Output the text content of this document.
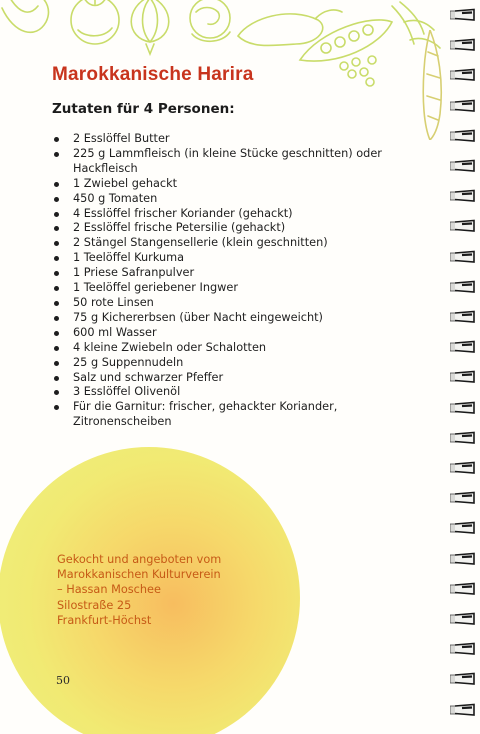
Marokkanische Harira
Zutaten für 4 Personen:
2 Esslöffel Butter
225 g Lammfleisch (in kleine Stücke geschnitten) oder Hackfleisch
1 Zwiebel gehackt
450 g Tomaten
4 Esslöffel frischer Koriander (gehackt)
2 Esslöffel frische Petersilie (gehackt)
2 Stängel Stangensellerie (klein geschnitten)
1 Teelöffel Kurkuma
1 Priese Safranpulver
1 Teelöffel geriebener Ingwer
50 rote Linsen
75 g Kichererbsen (über Nacht eingeweicht)
600 ml Wasser
4 kleine Zwiebeln oder Schalotten
25 g Suppennudeln
Salz und schwarzer Pfeffer
3 Esslöffel Olivenöl
Für die Garnitur: frischer, gehackter Koriander, Zitronenscheiben

Gekocht und angeboten vom
Marokkanischen Kulturverein
– Hassan Moschee
Silostraße 25
Frankfurt-Höchst

50
